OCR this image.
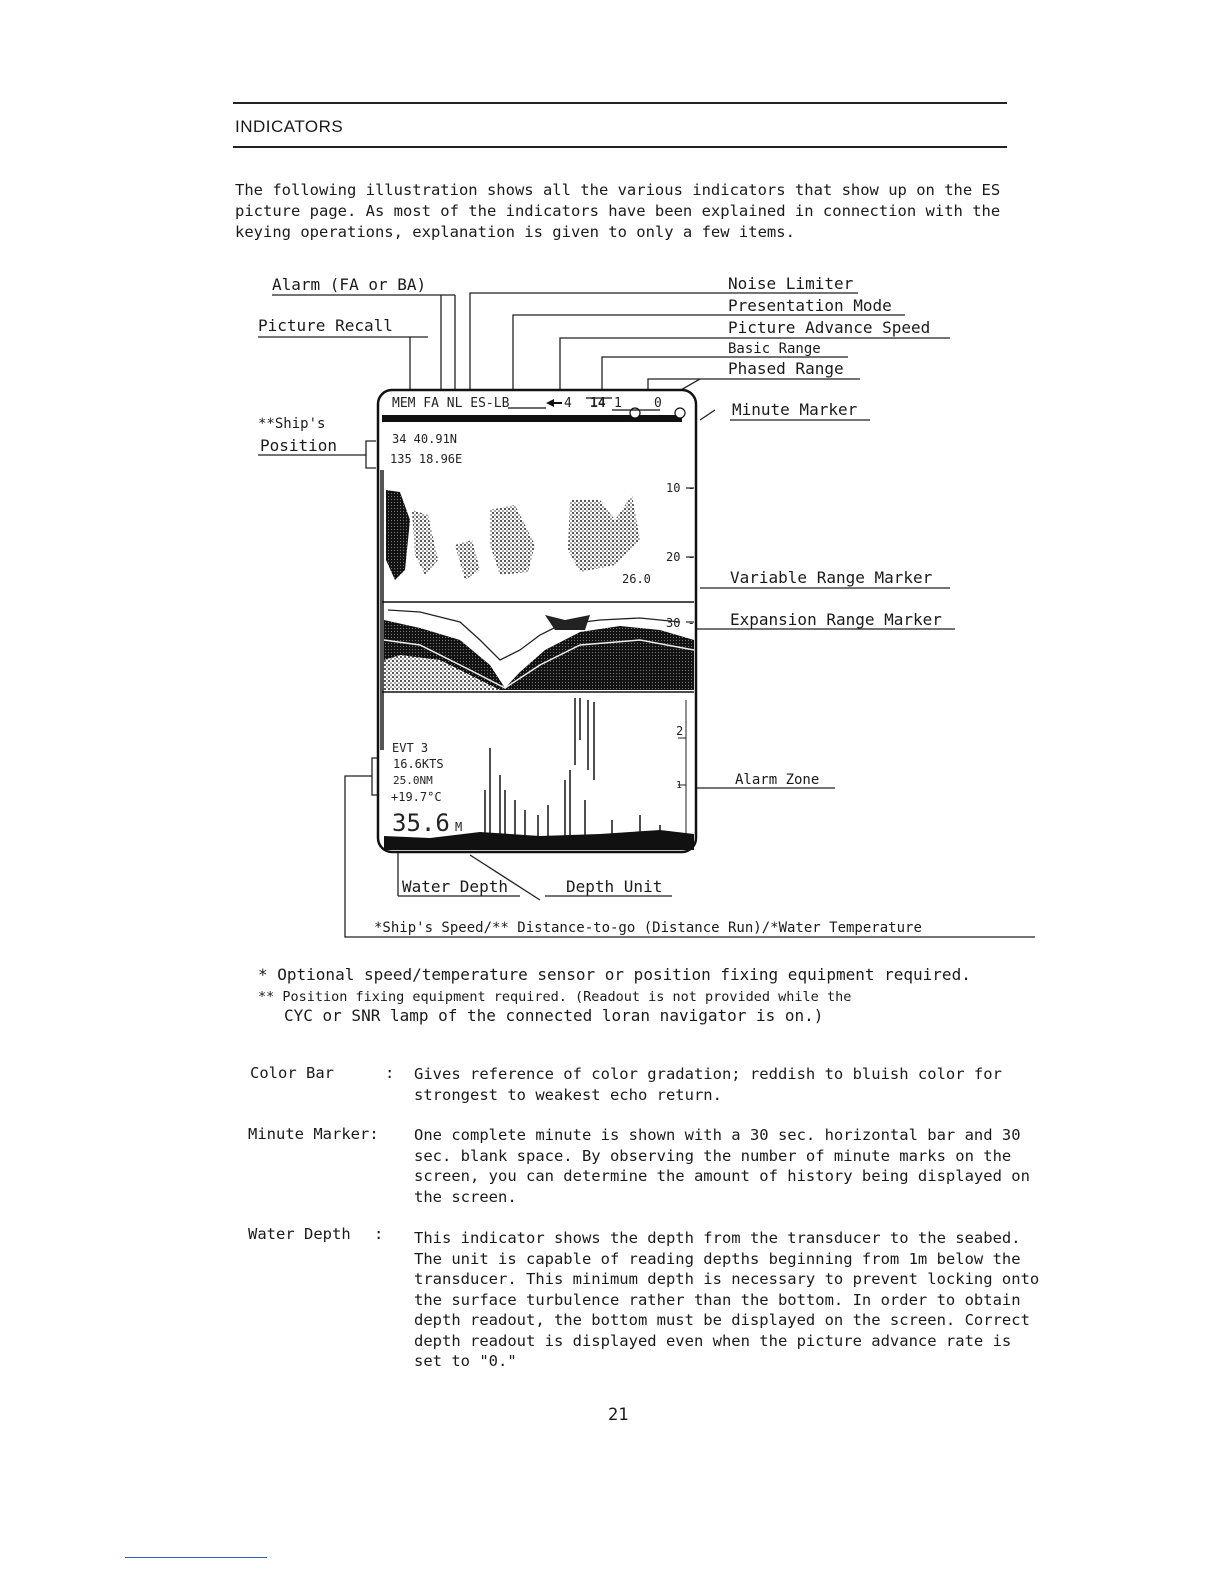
INDICATORS
The following illustration shows all the various indicators that show up on the ES picture page. As most of the indicators have been explained in connection with the keying operations, explanation is given to only a few items.
MEM FA NL ES-LB	4 14 1 0
34 40.91N
135 18.96E
10 -
20 -
26.0
30 -
2
1
EVT 3
16.6KTS
25.0NM
+19.7°C
35.6 M
Alarm (FA or BA)
Picture Recall
**Ship's
Position
Noise Limiter
Presentation Mode
Picture Advance Speed
Basic Range
Phased Range
Minute Marker
Variable Range Marker
Expansion Range Marker
Alarm Zone
Water Depth	Depth Unit
*Ship's Speed/** Distance-to-go (Distance Run)/*Water Temperature
* Optional speed/temperature sensor or position fixing equipment required.
** Position fixing equipment required. (Readout is not provided while the
CYC or SNR lamp of the connected loran navigator is on.)
Color Bar	: Gives reference of color gradation; reddish to bluish color for strongest to weakest echo return.
Minute Marker: One complete minute is shown with a 30 sec. horizontal bar and 30 sec. blank space. By observing the number of minute marks on the screen, you can determine the amount of history being displayed on the screen.
Water Depth : This indicator shows the depth from the transducer to the seabed. The unit is capable of reading depths beginning from 1m below the transducer. This minimum depth is necessary to prevent locking onto the surface turbulence rather than the bottom. In order to obtain depth readout, the bottom must be displayed on the screen. Correct depth readout is displayed even when the picture advance rate is set to "0."
21
